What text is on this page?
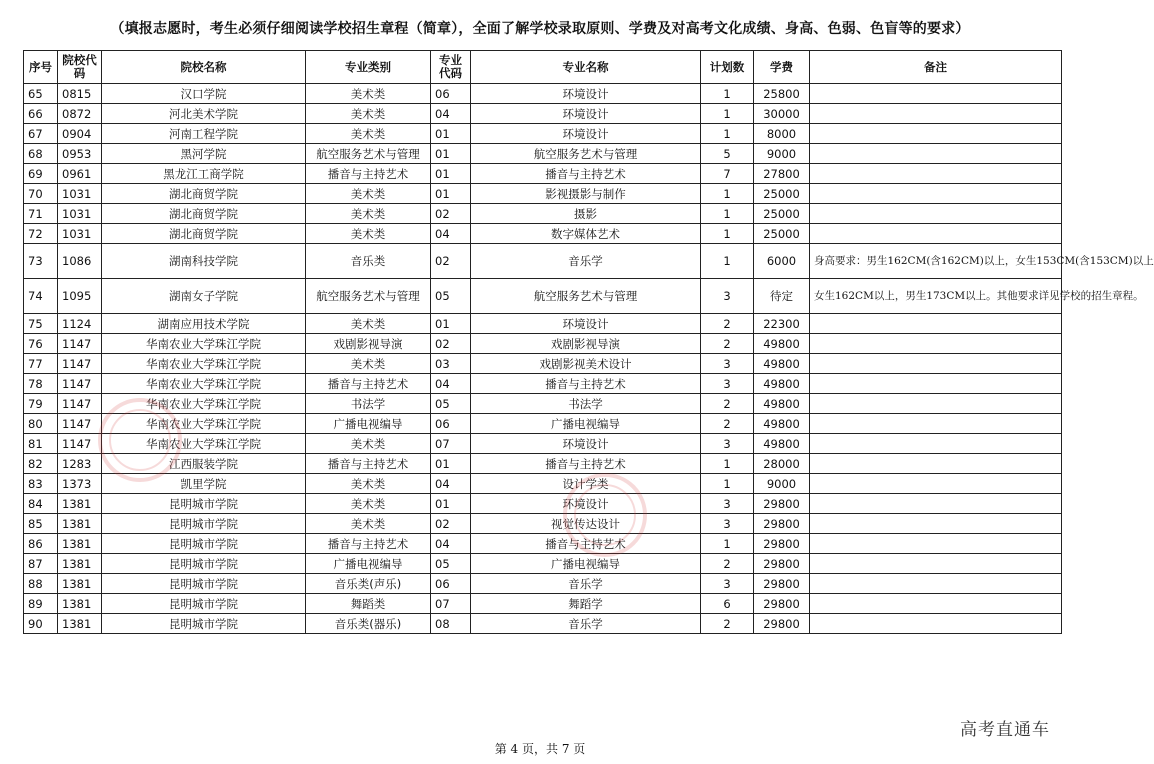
（填报志愿时，考生必须仔细阅读学校招生章程（简章），全面了解学校录取原则、学费及对高考文化成绩、身高、色弱、色盲等的要求）
序号	院校代码	院校名称	专业类别	专业代码	专业名称	计划数	学费	备注
65	0815	汉口学院	美术类	06	环境设计	1	25800	
66	0872	河北美术学院	美术类	04	环境设计	1	30000	
67	0904	河南工程学院	美术类	01	环境设计	1	8000	
68	0953	黑河学院	航空服务艺术与管理	01	航空服务艺术与管理	5	9000	
69	0961	黑龙江工商学院	播音与主持艺术	01	播音与主持艺术	7	27800	
70	1031	湖北商贸学院	美术类	01	影视摄影与制作	1	25000	
71	1031	湖北商贸学院	美术类	02	摄影	1	25000	
72	1031	湖北商贸学院	美术类	04	数字媒体艺术	1	25000	
73	1086	湖南科技学院	音乐类	02	音乐学	1	6000	身高要求：男生162CM(含162CM)以上，女生153CM(含153CM)以上
74	1095	湖南女子学院	航空服务艺术与管理	05	航空服务艺术与管理	3	待定	女生162CM以上，男生173CM以上。其他要求详见学校的招生章程。
75	1124	湖南应用技术学院	美术类	01	环境设计	2	22300	
76	1147	华南农业大学珠江学院	戏剧影视导演	02	戏剧影视导演	2	49800	
77	1147	华南农业大学珠江学院	美术类	03	戏剧影视美术设计	3	49800	
78	1147	华南农业大学珠江学院	播音与主持艺术	04	播音与主持艺术	3	49800	
79	1147	华南农业大学珠江学院	书法学	05	书法学	2	49800	
80	1147	华南农业大学珠江学院	广播电视编导	06	广播电视编导	2	49800	
81	1147	华南农业大学珠江学院	美术类	07	环境设计	3	49800	
82	1283	江西服装学院	播音与主持艺术	01	播音与主持艺术	1	28000	
83	1373	凯里学院	美术类	04	设计学类	1	9000	
84	1381	昆明城市学院	美术类	01	环境设计	3	29800	
85	1381	昆明城市学院	美术类	02	视觉传达设计	3	29800	
86	1381	昆明城市学院	播音与主持艺术	04	播音与主持艺术	1	29800	
87	1381	昆明城市学院	广播电视编导	05	广播电视编导	2	29800	
88	1381	昆明城市学院	音乐类(声乐)	06	音乐学	3	29800	
89	1381	昆明城市学院	舞蹈类	07	舞蹈学	6	29800	
90	1381	昆明城市学院	音乐类(器乐)	08	音乐学	2	29800	
第 4 页，共 7 页
高考直通车
